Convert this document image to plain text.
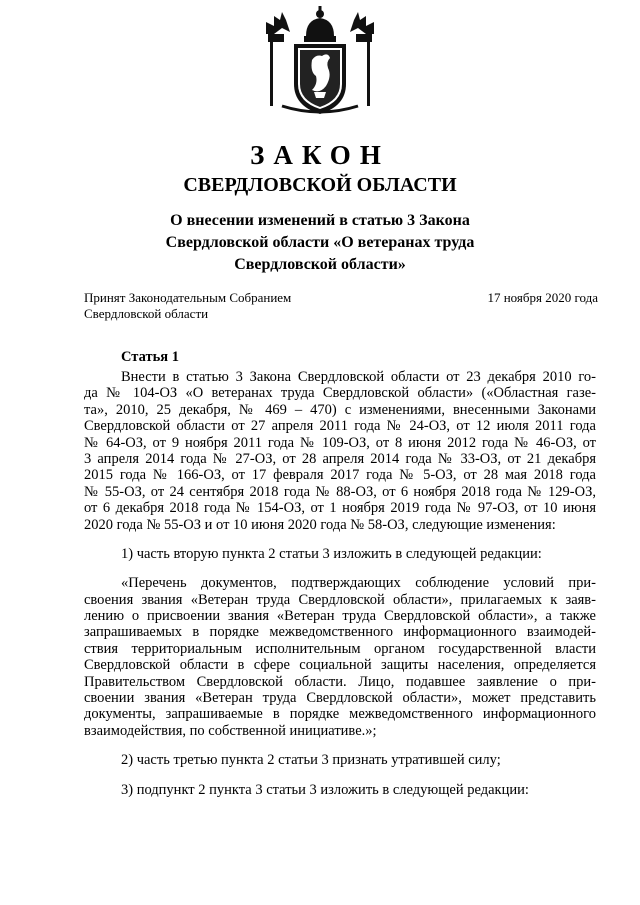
ЗАКОН
СВЕРДЛОВСКОЙ ОБЛАСТИ
О внесении изменений в статью 3 Закона
Свердловской области «О ветеранах труда
Свердловской области»
Принят Законодательным Собранием
Свердловской области
17 ноября 2020 года
Статья 1
Внести в статью 3 Закона Свердловской области от 23 декабря 2010 го-
да № 104-ОЗ «О ветеранах труда Свердловской области» («Областная газе-
та», 2010, 25 декабря, № 469 – 470) с изменениями, внесенными Законами
Свердловской области от 27 апреля 2011 года № 24-ОЗ, от 12 июля 2011 года
№ 64-ОЗ, от 9 ноября 2011 года № 109-ОЗ, от 8 июня 2012 года № 46-ОЗ, от
3 апреля 2014 года № 27-ОЗ, от 28 апреля 2014 года № 33-ОЗ, от 21 декабря
2015 года № 166-ОЗ, от 17 февраля 2017 года № 5-ОЗ, от 28 мая 2018 года
№ 55-ОЗ, от 24 сентября 2018 года № 88-ОЗ, от 6 ноября 2018 года № 129-ОЗ,
от 6 декабря 2018 года № 154-ОЗ, от 1 ноября 2019 года № 97-ОЗ, от 10 июня
2020 года № 55-ОЗ и от 10 июня 2020 года № 58-ОЗ, следующие изменения:
1) часть вторую пункта 2 статьи 3 изложить в следующей редакции:
«Перечень документов, подтверждающих соблюдение условий при-
своения звания «Ветеран труда Свердловской области», прилагаемых к заяв-
лению о присвоении звания «Ветеран труда Свердловской области», а также
запрашиваемых в порядке межведомственного информационного взаимодей-
ствия территориальным исполнительным органом государственной власти
Свердловской области в сфере социальной защиты населения, определяется
Правительством Свердловской области. Лицо, подавшее заявление о при-
своении звания «Ветеран труда Свердловской области», может представить
документы, запрашиваемые в порядке межведомственного информационного
взаимодействия, по собственной инициативе.»;
2) часть третью пункта 2 статьи 3 признать утратившей силу;
3) подпункт 2 пункта 3 статьи 3 изложить в следующей редакции:
